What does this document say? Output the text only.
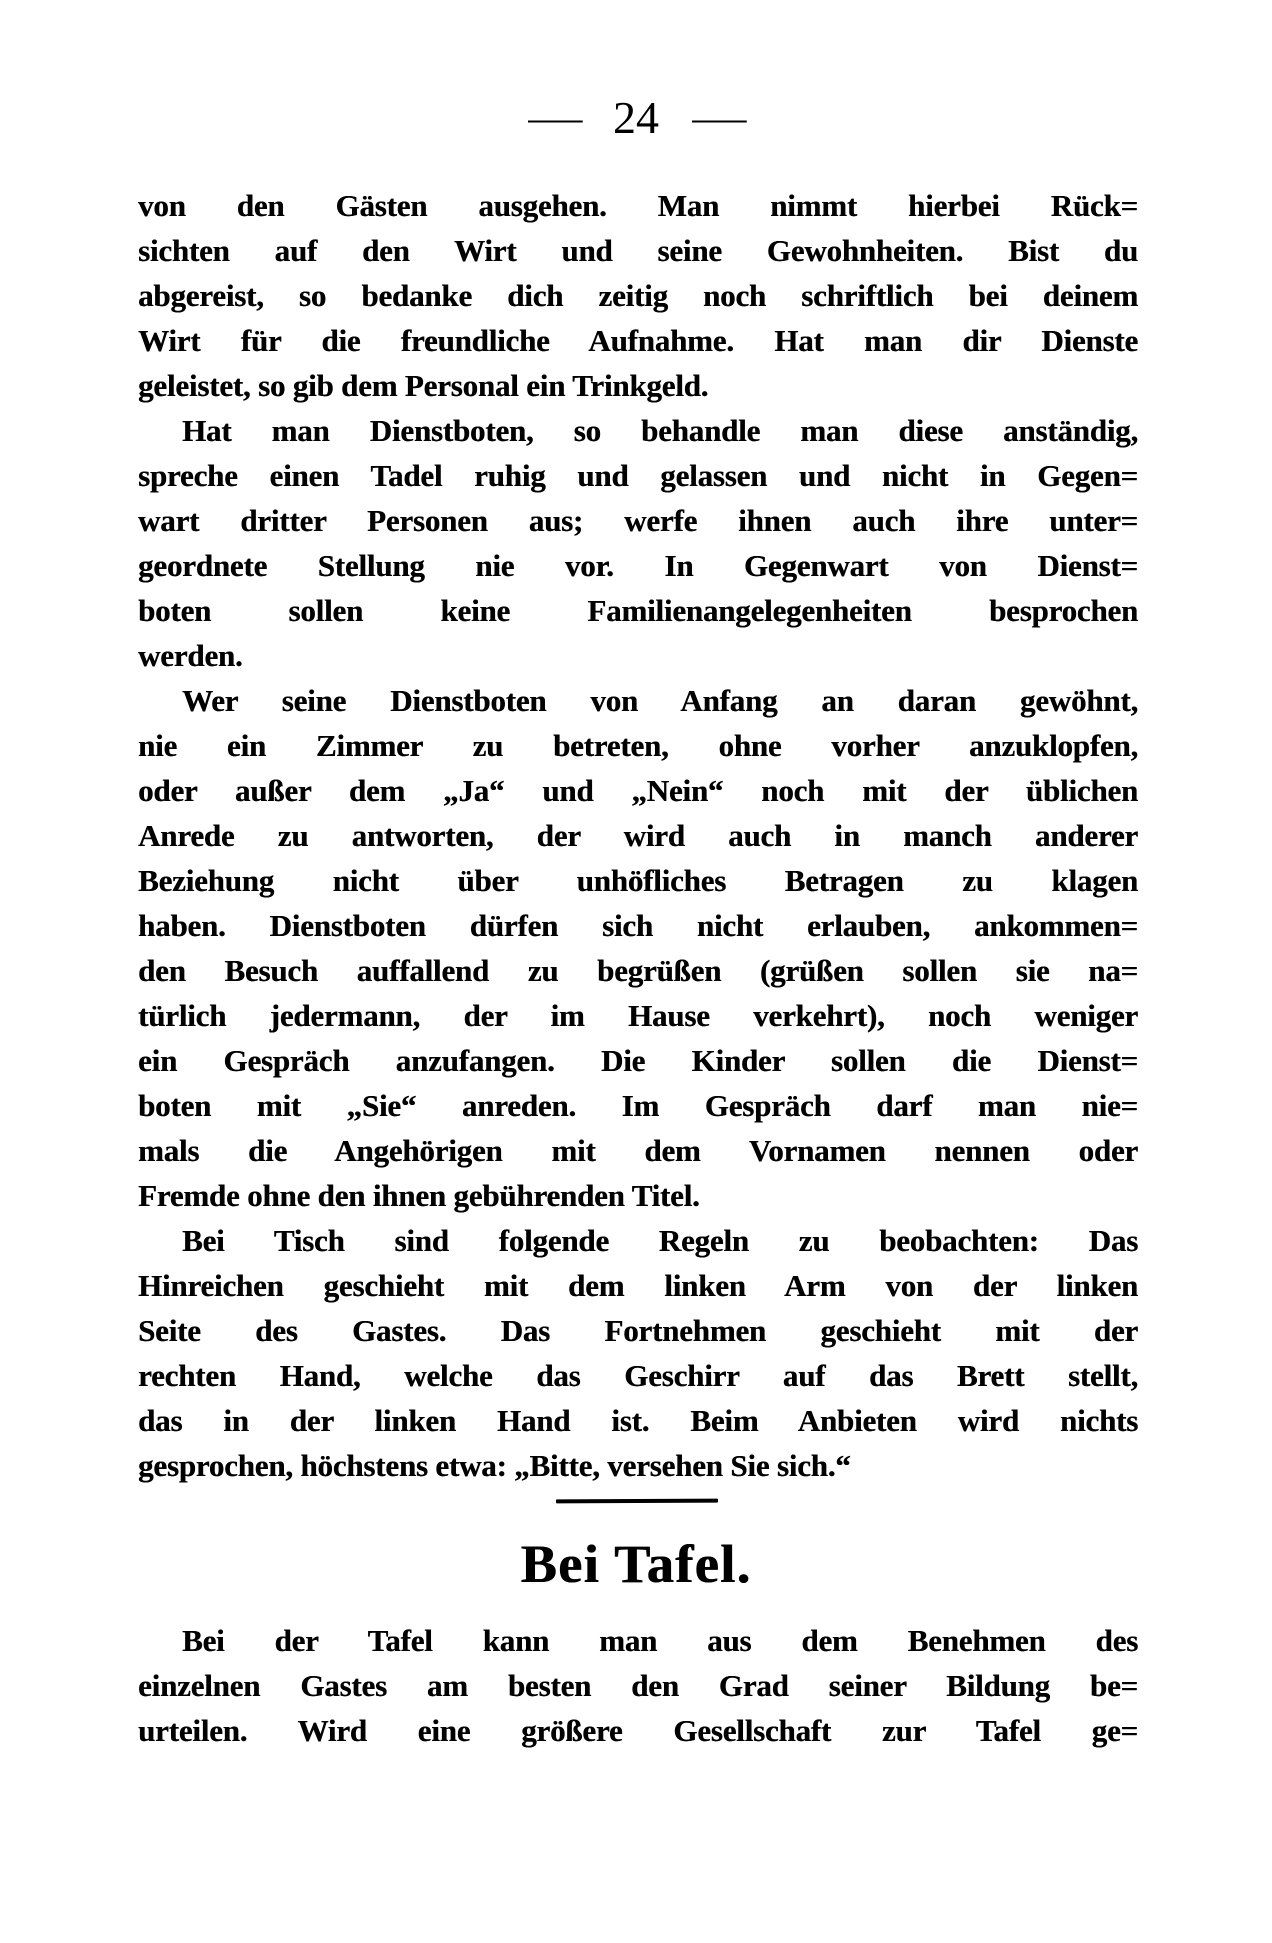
— 24 —
von den Gästen ausgehen. Man nimmt hierbei Rück=
sichten auf den Wirt und seine Gewohnheiten. Bist du
abgereist, so bedanke dich zeitig noch schriftlich bei deinem
Wirt für die freundliche Aufnahme. Hat man dir Dienste
geleistet, so gib dem Personal ein Trinkgeld.
Hat man Dienstboten, so behandle man diese anständig,
spreche einen Tadel ruhig und gelassen und nicht in Gegen=
wart dritter Personen aus; werfe ihnen auch ihre unter=
geordnete Stellung nie vor. In Gegenwart von Dienst=
boten sollen keine Familienangelegenheiten besprochen
werden.
Wer seine Dienstboten von Anfang an daran gewöhnt,
nie ein Zimmer zu betreten, ohne vorher anzuklopfen,
oder außer dem „Ja“ und „Nein“ noch mit der üblichen
Anrede zu antworten, der wird auch in manch anderer
Beziehung nicht über unhöfliches Betragen zu klagen
haben. Dienstboten dürfen sich nicht erlauben, ankommen=
den Besuch auffallend zu begrüßen (grüßen sollen sie na=
türlich jedermann, der im Hause verkehrt), noch weniger
ein Gespräch anzufangen. Die Kinder sollen die Dienst=
boten mit „Sie“ anreden. Im Gespräch darf man nie=
mals die Angehörigen mit dem Vornamen nennen oder
Fremde ohne den ihnen gebührenden Titel.
Bei Tisch sind folgende Regeln zu beobachten: Das
Hinreichen geschieht mit dem linken Arm von der linken
Seite des Gastes. Das Fortnehmen geschieht mit der
rechten Hand, welche das Geschirr auf das Brett stellt,
das in der linken Hand ist. Beim Anbieten wird nichts
gesprochen, höchstens etwa: „Bitte, versehen Sie sich.“
Bei Tafel.
Bei der Tafel kann man aus dem Benehmen des
einzelnen Gastes am besten den Grad seiner Bildung be=
urteilen. Wird eine größere Gesellschaft zur Tafel ge=
